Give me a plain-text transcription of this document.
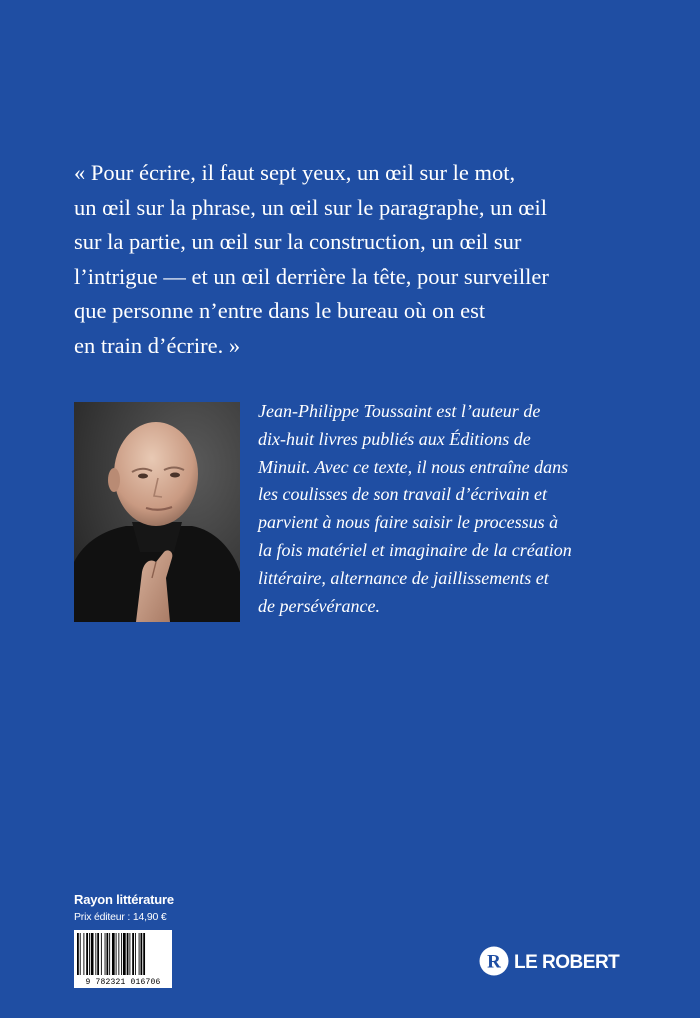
« Pour écrire, il faut sept yeux, un œil sur le mot,
un œil sur la phrase, un œil sur le paragraphe, un œil
sur la partie, un œil sur la construction, un œil sur
l’intrigue — et un œil derrière la tête, pour surveiller
que personne n’entre dans le bureau où on est
en train d’écrire. »
Jean-Philippe Toussaint est l’auteur de
dix-huit livres publiés aux Éditions de
Minuit. Avec ce texte, il nous entraîne dans
les coulisses de son travail d’écrivain et
parvient à nous faire saisir le processus à
la fois matériel et imaginaire de la création
littéraire, alternance de jaillissements et
de persévérance.
Rayon littérature
Prix éditeur : 14,90 €
9 782321 016706
R LE ROBERT
